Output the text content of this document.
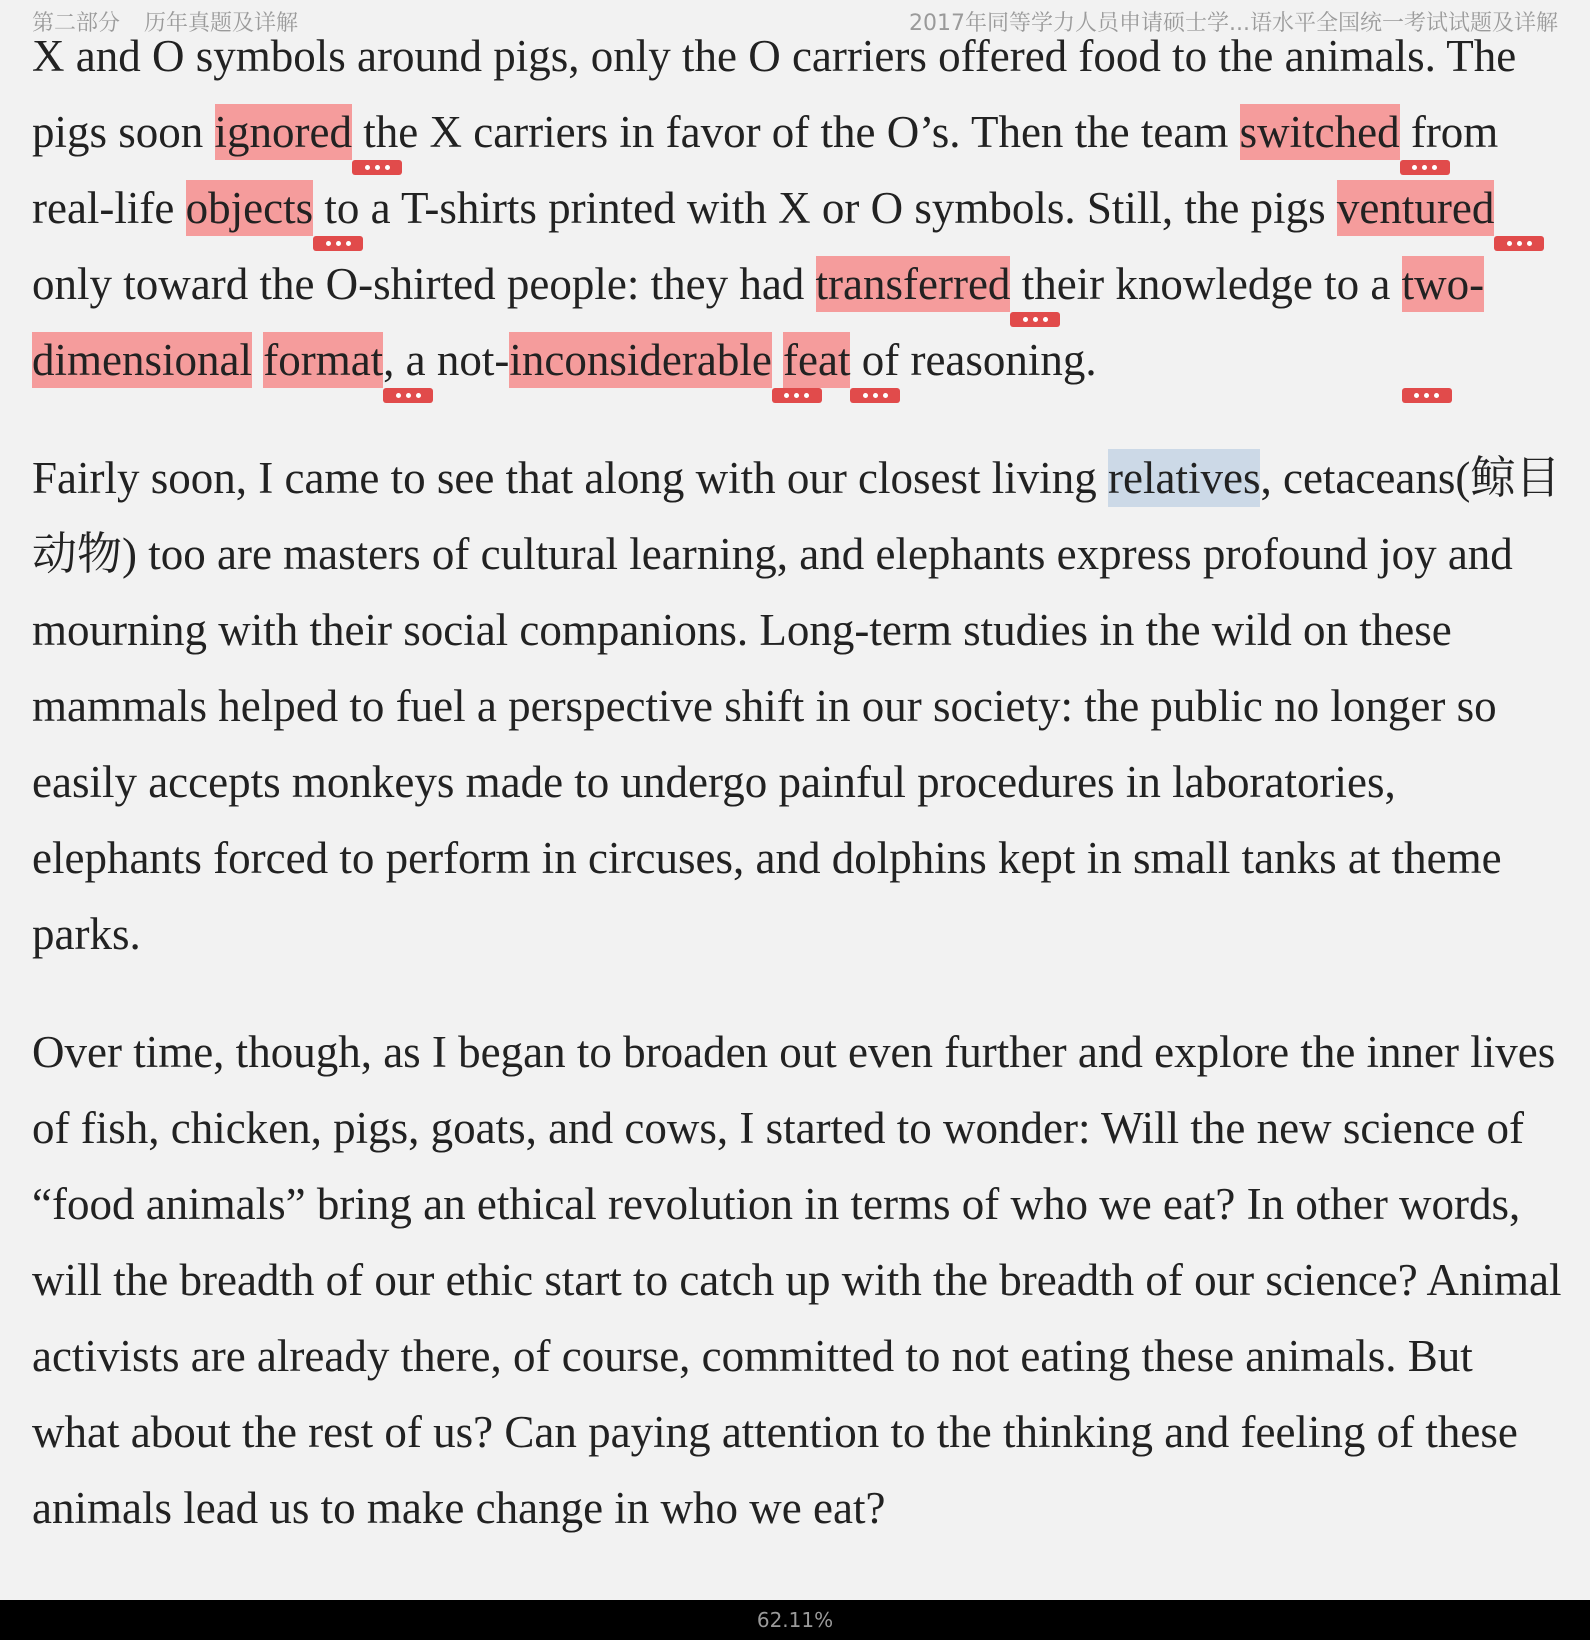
第二部分 历年真题及详解	2017年同等学力人员申请硕士学...语水平全国统一考试试题及详解

X and O symbols around pigs, only the O carriers offered food to the animals. The pigs soon ignored
the X carriers in favor of the O’s. Then the team switched
from real-life objects
to a T-shirts printed with X or O symbols. Still, the pigs ventured
only toward the O-shirted people: they had transferred
their knowledge to a two-dimensional format
, a not-inconsiderable feat
of reasoning.

Fairly soon, I came to see that along with our closest living relatives, cetaceans(鲸目动物) too are masters of cultural learning, and elephants express profound joy and mourning with their social companions. Long-term studies in the wild on these mammals helped to fuel a perspective shift in our society: the public no longer so easily accepts monkeys made to undergo painful procedures in laboratories, elephants forced to perform in circuses, and dolphins kept in small tanks at theme parks.

Over time, though, as I began to broaden out even further and explore the inner lives of fish, chicken, pigs, goats, and cows, I started to wonder: Will the new science of “food animals” bring an ethical revolution in terms of who we eat? In other words, will the breadth of our ethic start to catch up with the breadth of our science? Animal activists are already there, of course, committed to not eating these animals. But what about the rest of us? Can paying attention to the thinking and feeling of these animals lead us to make change in who we eat?

62.11%
